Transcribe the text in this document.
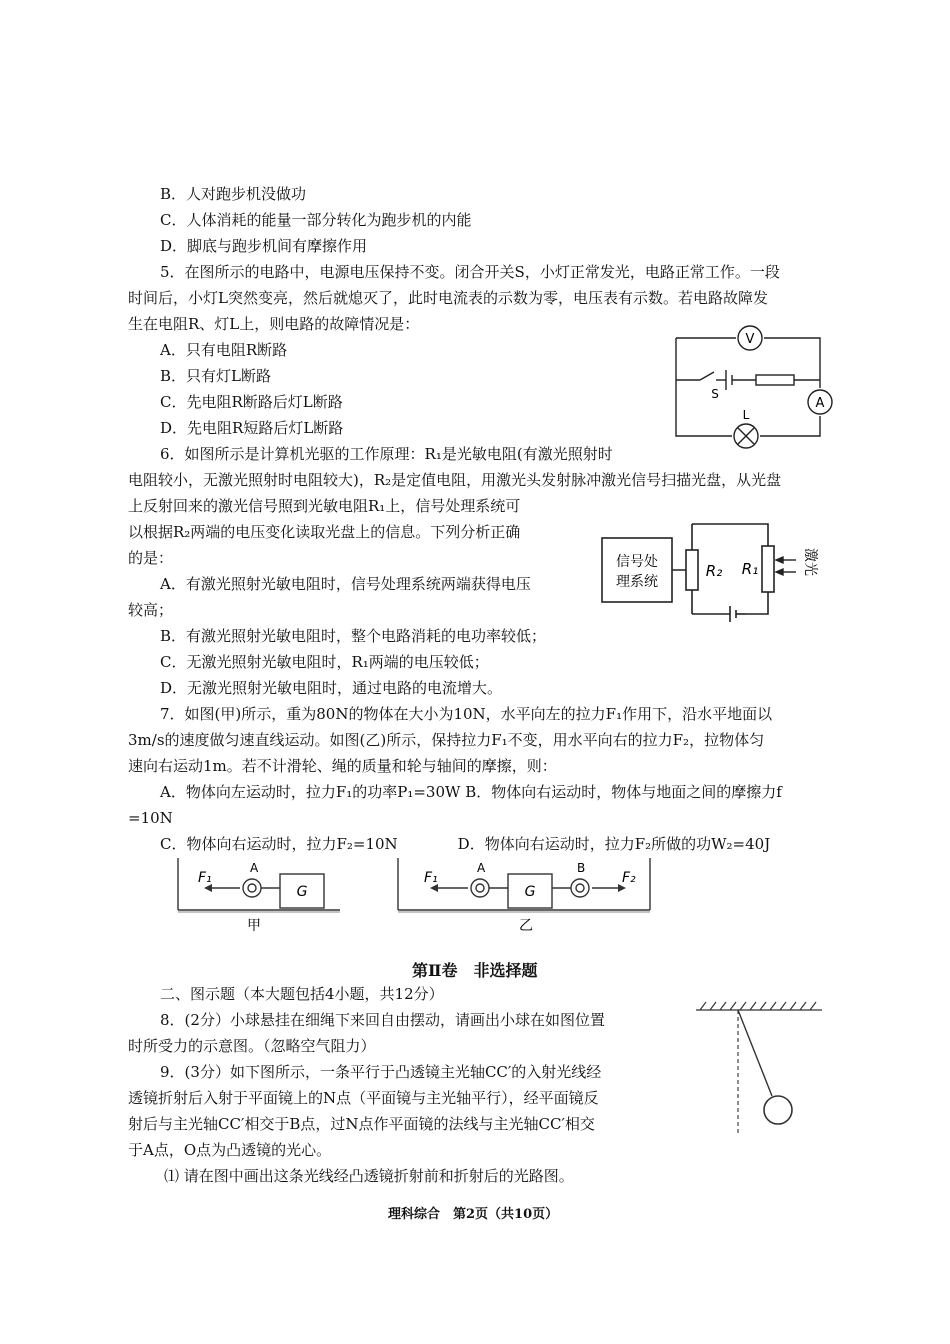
B．人对跑步机没做功
C．人体消耗的能量一部分转化为跑步机的内能
D．脚底与跑步机间有摩擦作用
5．在图所示的电路中，电源电压保持不变。闭合开关S，小灯正常发光，电路正常工作。一段
时间后，小灯L突然变亮，然后就熄灭了，此时电流表的示数为零，电压表有示数。若电路故障发
生在电阻R、灯L上，则电路的故障情况是：
A．只有电阻R断路
B．只有灯L断路
C．先电阻R断路后灯L断路
D．先电阻R短路后灯L断路
6．如图所示是计算机光驱的工作原理：R₁是光敏电阻(有激光照射时
电阻较小，无激光照射时电阻较大)，R₂是定值电阻，用激光头发射脉冲激光信号扫描光盘，从光盘
上反射回来的激光信号照到光敏电阻R₁上，信号处理系统可
以根据R₂两端的电压变化读取光盘上的信息。下列分析正确
的是：
A．有激光照射光敏电阻时，信号处理系统两端获得电压
较高；
B．有激光照射光敏电阻时，整个电路消耗的电功率较低；
C．无激光照射光敏电阻时，R₁两端的电压较低；
D．无激光照射光敏电阻时，通过电路的电流增大。
7．如图(甲)所示，重为80N的物体在大小为10N，水平向左的拉力F₁作用下，沿水平地面以
3m/s的速度做匀速直线运动。如图(乙)所示，保持拉力F₁不变，用水平向右的拉力F₂，拉物体匀
速向右运动1m。若不计滑轮、绳的质量和轮与轴间的摩擦，则：
A．物体向左运动时，拉力F₁的功率P₁=30W B．物体向右运动时，物体与地面之间的摩擦力f
=10N
C．物体向右运动时，拉力F₂=10N　　　　D．物体向右运动时，拉力F₂所做的功W₂=40J
第Ⅱ卷　非选择题
二、图示题（本大题包括4小题，共12分）
8．(2分）小球悬挂在细绳下来回自由摆动，请画出小球在如图位置
时所受力的示意图。（忽略空气阻力）
9．(3分）如下图所示，一条平行于凸透镜主光轴CC′的入射光线经
透镜折射后入射于平面镜上的N点（平面镜与主光轴平行），经平面镜反
射后与主光轴CC′相交于B点，过N点作平面镜的法线与主光轴CC′相交
于A点，O点为凸透镜的光心。
⑴ 请在图中画出这条光线经凸透镜折射前和折射后的光路图。
理科综合　第2页（共10页）
V
A
S
L
信号处
理系统
R₂ R₁	激光
F₁
A
G
甲
F₁
A
G
B
F₂
乙
